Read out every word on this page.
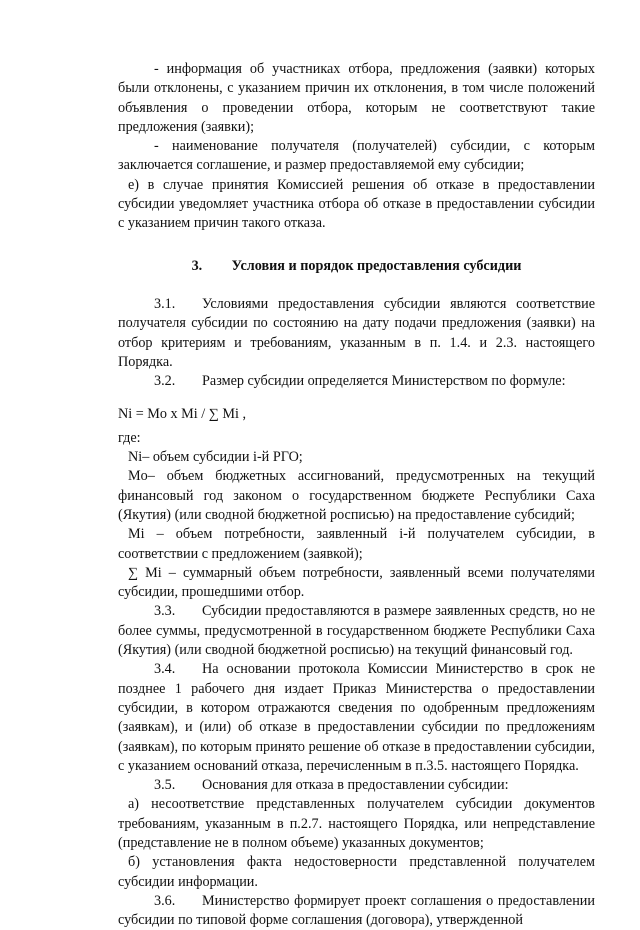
- информация об участниках отбора, предложения (заявки) которых были отклонены, с указанием причин их отклонения, в том числе положений объявления о проведении отбора, которым не соответствуют такие предложения (заявки);

- наименование получателя (получателей) субсидии, с которым заключается соглашение, и размер предоставляемой ему субсидии;

е) в случае принятия Комиссией решения об отказе в предоставлении субсидии уведомляет участника отбора об отказе в предоставлении субсидии с указанием причин такого отказа.

3. Условия и порядок предоставления субсидии

3.1. Условиями предоставления субсидии являются соответствие получателя субсидии по состоянию на дату подачи предложения (заявки) на отбор критериям и требованиям, указанным в п. 1.4. и 2.3. настоящего Порядка.

3.2. Размер субсидии определяется Министерством по формуле:

Ni = Mo x Mi / ∑ Mi ,

где:

Ni– объем субсидии i-й РГО;

Mo– объем бюджетных ассигнований, предусмотренных на текущий финансовый год законом о государственном бюджете Республики Саха (Якутия) (или сводной бюджетной росписью) на предоставление субсидий;

Mi – объем потребности, заявленный i-й получателем субсидии, в соответствии с предложением (заявкой);

∑ Mi – суммарный объем потребности, заявленный всеми получателями субсидии, прошедшими отбор.

3.3. Субсидии предоставляются в размере заявленных средств, но не более суммы, предусмотренной в государственном бюджете Республики Саха (Якутия) (или сводной бюджетной росписью) на текущий финансовый год.

3.4. На основании протокола Комиссии Министерство в срок не позднее 1 рабочего дня издает Приказ Министерства о предоставлении субсидии, в котором отражаются сведения по одобренным предложениям (заявкам), и (или) об отказе в предоставлении субсидии по предложениям (заявкам), по которым принято решение об отказе в предоставлении субсидии, с указанием оснований отказа, перечисленным в п.3.5. настоящего Порядка.

3.5. Основания для отказа в предоставлении субсидии:

а) несоответствие представленных получателем субсидии документов требованиям, указанным в п.2.7. настоящего Порядка, или непредставление (представление не в полном объеме) указанных документов;

б) установления факта недостоверности представленной получателем субсидии информации.

3.6. Министерство формирует проект соглашения о предоставлении субсидии по типовой форме соглашения (договора), утвержденной
